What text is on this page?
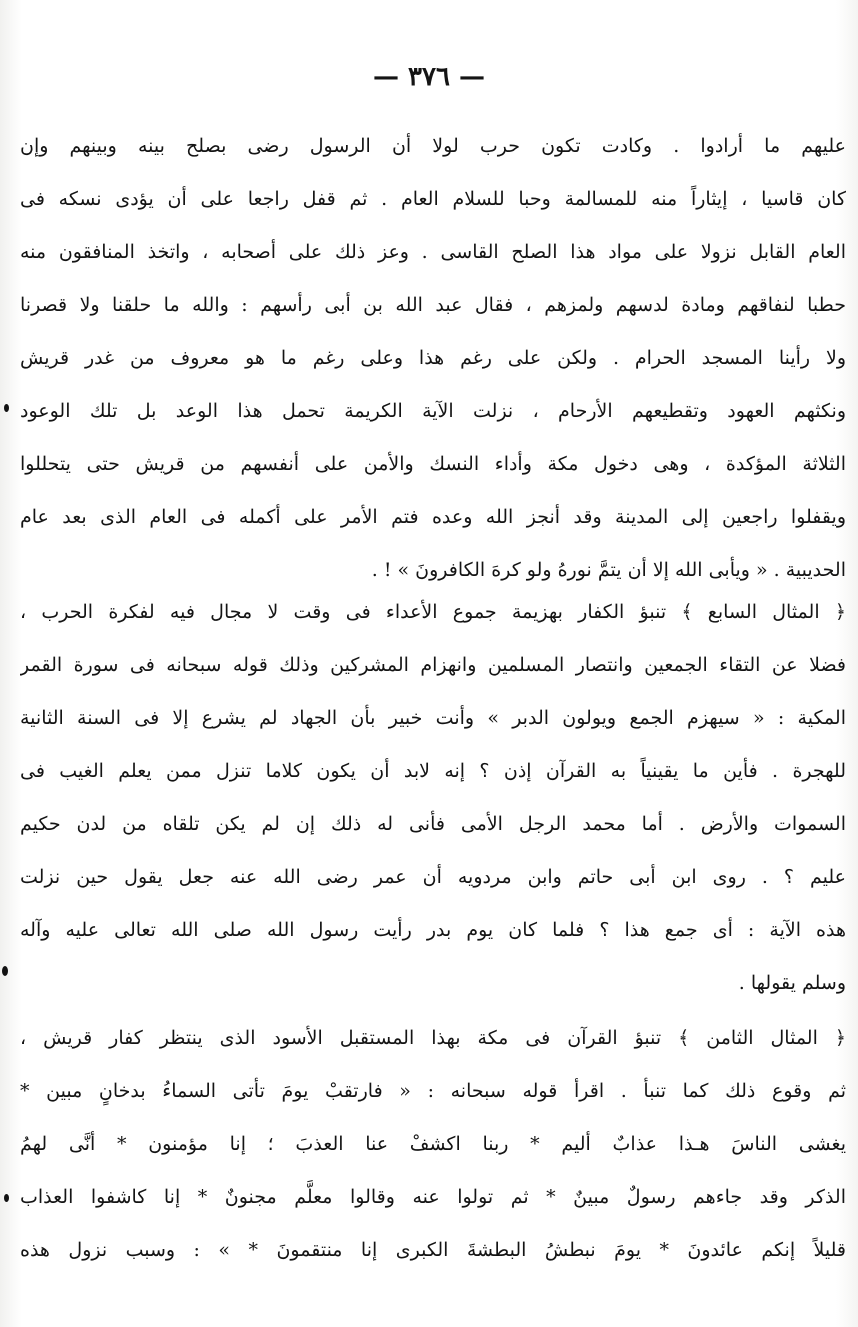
— ٣٧٦ —
عليهم ما أرادوا . وكادت تكون حرب لولا أن الرسول رضى بصلح بينه وبينهم وإن
كان قاسيا ، إيثاراً منه للمسالمة وحبا للسلام العام . ثم قفل راجعا على أن يؤدى نسكه فى
العام القابل نزولا على مواد هذا الصلح القاسى . وعز ذلك على أصحابه ، واتخذ المنافقون منه
حطبا لنفاقهم ومادة لدسهم ولمزهم ، فقال عبد الله بن أبى رأسهم : والله ما حلقنا ولا قصرنا
ولا رأينا المسجد الحرام . ولكن على رغم هذا وعلى رغم ما هو معروف من غدر قريش
ونكثهم العهود وتقطيعهم الأرحام ، نزلت الآية الكريمة تحمل هذا الوعد بل تلك الوعود
الثلاثة المؤكدة ، وهى دخول مكة وأداء النسك والأمن على أنفسهم من قريش حتى يتحللوا
ويقفلوا راجعين إلى المدينة وقد أنجز الله وعده فتم الأمر على أكمله فى العام الذى بعد عام
الحديبية . « ويأبى الله إلا أن يتمَّ نورهُ ولو كرهَ الكافرونَ » ! .
﴿ المثال السابع ﴾ تنبؤ الكفار بهزيمة جموع الأعداء فى وقت لا مجال فيه لفكرة الحرب ،
فضلا عن التقاء الجمعين وانتصار المسلمين وانهزام المشركين وذلك قوله سبحانه فى سورة القمر
المكية : « سيهزم الجمع ويولون الدبر » وأنت خبير بأن الجهاد لم يشرع إلا فى السنة الثانية
للهجرة . فأين ما يقينياً به القرآن إذن ؟ إنه لابد أن يكون كلاما تنزل ممن يعلم الغيب فى
السموات والأرض . أما محمد الرجل الأمى فأنى له ذلك إن لم يكن تلقاه من لدن حكيم
عليم ؟ . روى ابن أبى حاتم وابن مردويه أن عمر رضى الله عنه جعل يقول حين نزلت
هذه الآية : أى جمع هذا ؟ فلما كان يوم بدر رأيت رسول الله صلى الله تعالى عليه وآله
وسلم يقولها .
﴿ المثال الثامن ﴾ تنبؤ القرآن فى مكة بهذا المستقبل الأسود الذى ينتظر كفار قريش ،
ثم وقوع ذلك كما تنبأ . اقرأ قوله سبحانه : « فارتقبْ يومَ تأتى السماءُ بدخانٍ مبين *
يغشى الناسَ هـذا عذابٌ أليم * ربنا اكشفْ عنا العذبَ ؛ إنا مؤمنون * أنَّى لهمُ
الذكر وقد جاءهم رسولٌ مبينٌ * ثم تولوا عنه وقالوا معلَّم مجنونٌ * إنا كاشفوا العذاب
قليلاً إنكم عائدونَ * يومَ نبطشُ البطشةَ الكبرى إنا منتقمونَ * » : وسبب نزول هذه
